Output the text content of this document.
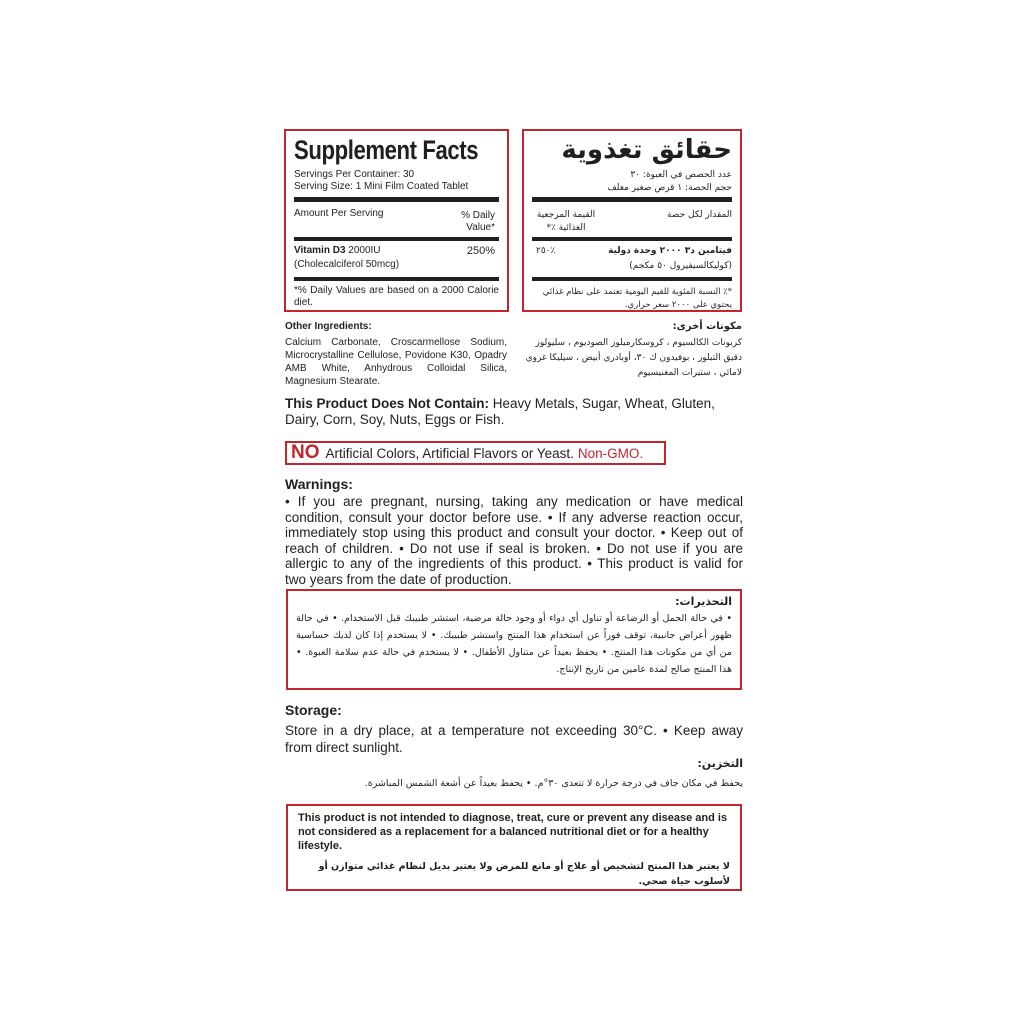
Supplement Facts
Servings Per Container: 30
Serving Size: 1 Mini Film Coated Tablet
Amount Per Serving	% Daily Value*
Vitamin D3 2000IU	250%
(Cholecalciferol 50mcg)
*% Daily Values are based on a 2000 Calorie diet.
حقائق تغذوية
عدد الحصص في العبوة: ٣٠
حجم الحصة: ١ قرص صغير مغلف
المقدار لكل حصة
القيمة المرجعية الغذائية ٪*
فيتامين د٣ ٢٠٠٠ وحدة دولية
٪٢٥٠
(كوليكالسيفيرول ٥٠ مكجم)
*٪ النسبة المئوية للقيم اليومية تعتمد على نظام غذائي يحتوي على ٢٠٠٠ سعر حراري.
Other Ingredients:
Calcium Carbonate, Croscarmellose Sodium, Microcrystalline Cellulose, Povidone K30, Opadry AMB White, Anhydrous Colloidal Silica, Magnesium Stearate.
مكونات أخرى:
كربونات الكالسيوم ، كروسكارميلوز الصوديوم ، سليولوز دقيق التبلور ، بوفيدون ك ٣٠، أوبادري أبيض ، سيليكا غروي لامائي ، ستيرات المغنيسيوم
This Product Does Not Contain: Heavy Metals, Sugar, Wheat, Gluten, Dairy, Corn, Soy, Nuts, Eggs or Fish.
NO Artificial Colors, Artificial Flavors or Yeast. Non-GMO.
Warnings:
• If you are pregnant, nursing, taking any medication or have medical condition, consult your doctor before use. • If any adverse reaction occur, immediately stop using this product and consult your doctor. • Keep out of reach of children. • Do not use if seal is broken. • Do not use if you are allergic to any of the ingredients of this product. • This product is valid for two years from the date of production.
التحذيرات:
• في حالة الحمل أو الرضاعة أو تناول أي دواء أو وجود حالة مرضية، استشر طبيبك قبل الاستخدام. • في حالة ظهور أعراض جانبية، توقف فوراً عن استخدام هذا المنتج واستشر طبيبك. • لا يستخدم إذا كان لديك حساسية من أي من مكونات هذا المنتج. • يحفظ بعيداً عن متناول الأطفال. • لا يستخدم في حالة عدم سلامة العبوة. • هذا المنتج صالح لمدة عامين من تاريخ الإنتاج.
Storage:
Store in a dry place, at a temperature not exceeding 30°C. • Keep away from direct sunlight.
التخزين:
يحفظ في مكان جاف في درجة حرارة لا تتعدى ٣٠°م. • يحفظ بعيداً عن أشعة الشمس المباشرة.
This product is not intended to diagnose, treat, cure or prevent any disease and is not considered as a replacement for a balanced nutritional diet or for a healthy lifestyle.
لا يعتبر هذا المنتج لتشخيص أو علاج أو مانع للمرض ولا يعتبر بديل لنظام غذائي متوازن أو لأسلوب حياة صحي.
